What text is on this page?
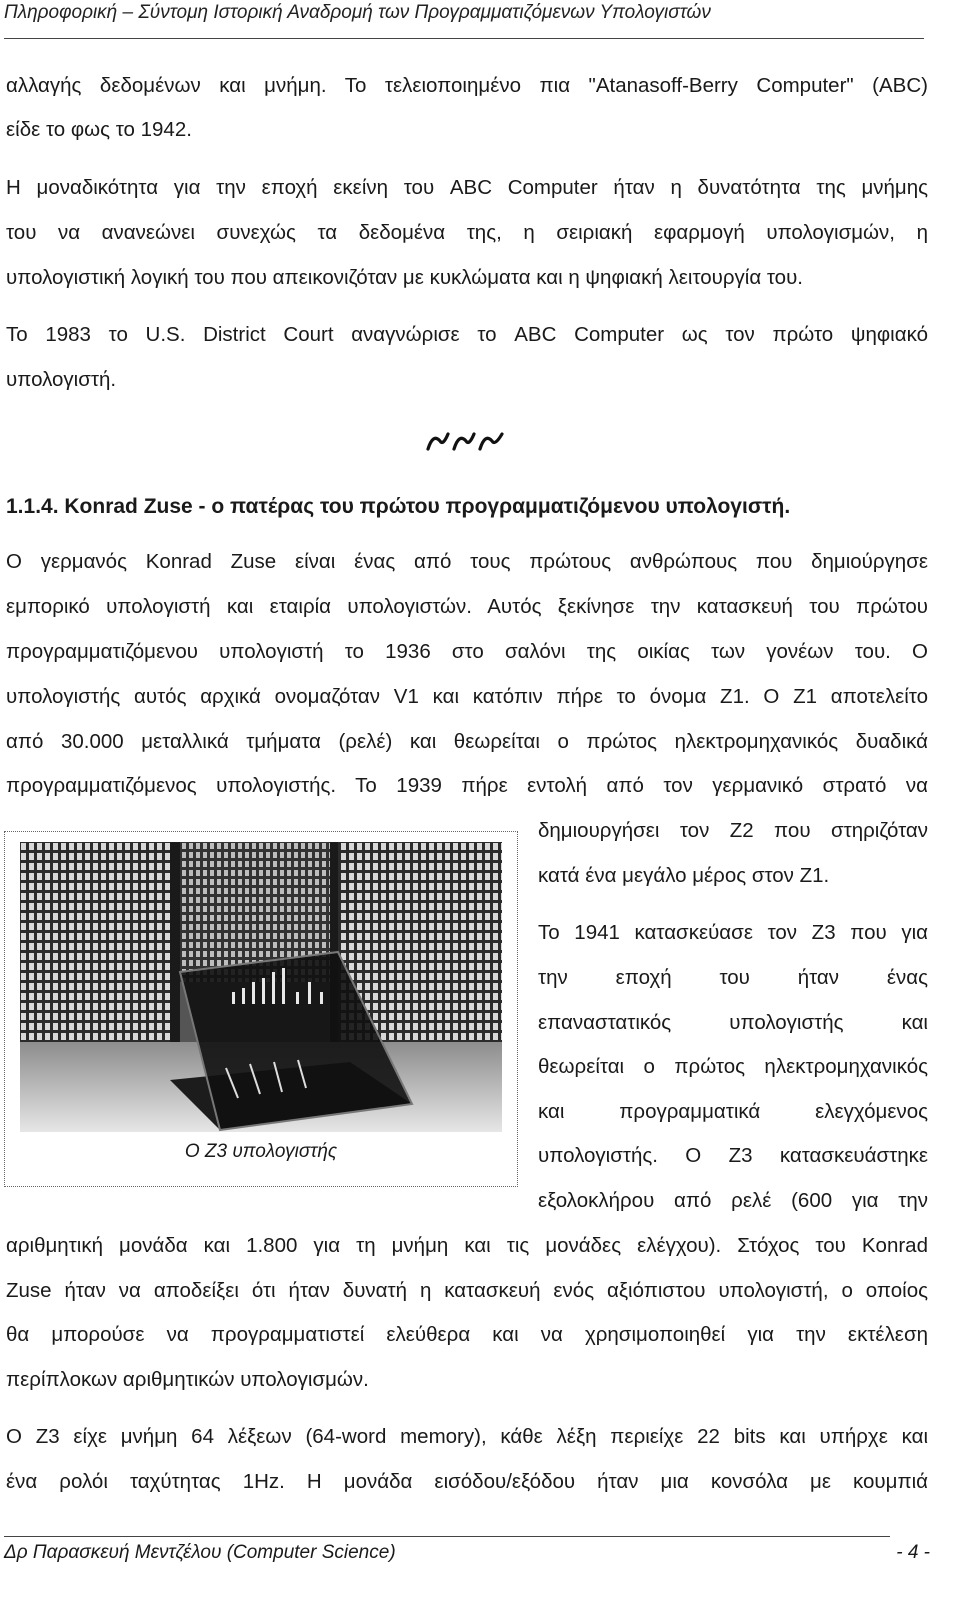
Πληροφορική – Σύντομη Ιστορική Αναδρομή των Προγραμματιζόμενων Υπολογιστών
αλλαγής δεδομένων και μνήμη. Το τελειοποιημένο πια "Atanasoff-Berry Computer" (ABC)
είδε το φως το 1942.
Η μοναδικότητα για την εποχή εκείνη του ABC Computer ήταν η δυνατότητα της μνήμης
του να ανανεώνει συνεχώς τα δεδομένα της, η σειριακή εφαρμογή υπολογισμών, η
υπολογιστική λογική του που απεικονιζόταν με κυκλώματα και η ψηφιακή λειτουργία του.
Το 1983 το U.S. District Court αναγνώρισε το ABC Computer ως τον πρώτο ψηφιακό
υπολογιστή.
1.1.4. Konrad Zuse - ο πατέρας του πρώτου προγραμματιζόμενου υπολογιστή.
Ο γερμανός Konrad Zuse είναι ένας από τους πρώτους ανθρώπους που δημιούργησε
εμπορικό υπολογιστή και εταιρία υπολογιστών. Αυτός ξεκίνησε την κατασκευή του πρώτου
προγραμματιζόμενου υπολογιστή το 1936 στο σαλόνι της οικίας των γονέων του. Ο
υπολογιστής αυτός αρχικά ονομαζόταν V1 και κατόπιν πήρε το όνομα Z1. Ο Z1 αποτελείτο
από 30.000 μεταλλικά τμήματα (ρελέ) και θεωρείται ο πρώτος ηλεκτρομηχανικός δυαδικά
προγραμματιζόμενος υπολογιστής. Το 1939 πήρε εντολή από τον γερμανικό στρατό να
δημιουργήσει τον Z2 που στηριζόταν
κατά ένα μεγάλο μέρος στον Z1.
Το 1941 κατασκεύασε τον Z3 που για
την εποχή του ήταν ένας
επαναστατικός υπολογιστής και
θεωρείται ο πρώτος ηλεκτρομηχανικός
και προγραμματικά ελεγχόμενος
υπολογιστής. Ο Z3 κατασκευάστηκε
εξολοκλήρου από ρελέ (600 για την
αριθμητική μονάδα και 1.800 για τη μνήμη και τις μονάδες ελέγχου). Στόχος του Konrad
Zuse ήταν να αποδείξει ότι ήταν δυνατή η κατασκευή ενός αξιόπιστου υπολογιστή, ο οποίος
θα μπορούσε να προγραμματιστεί ελεύθερα και να χρησιμοποιηθεί για την εκτέλεση
περίπλοκων αριθμητικών υπολογισμών.
Ο Z3 είχε μνήμη 64 λέξεων (64-word memory), κάθε λέξη περιείχε 22 bits και υπήρχε και
ένα ρολόι ταχύτητας 1Hz. Η μονάδα εισόδου/εξόδου ήταν μια κονσόλα με κουμπιά
Ο Z3 υπολογιστής
Δρ Παρασκευή Μεντζέλου (Computer Science)	- 4 -
